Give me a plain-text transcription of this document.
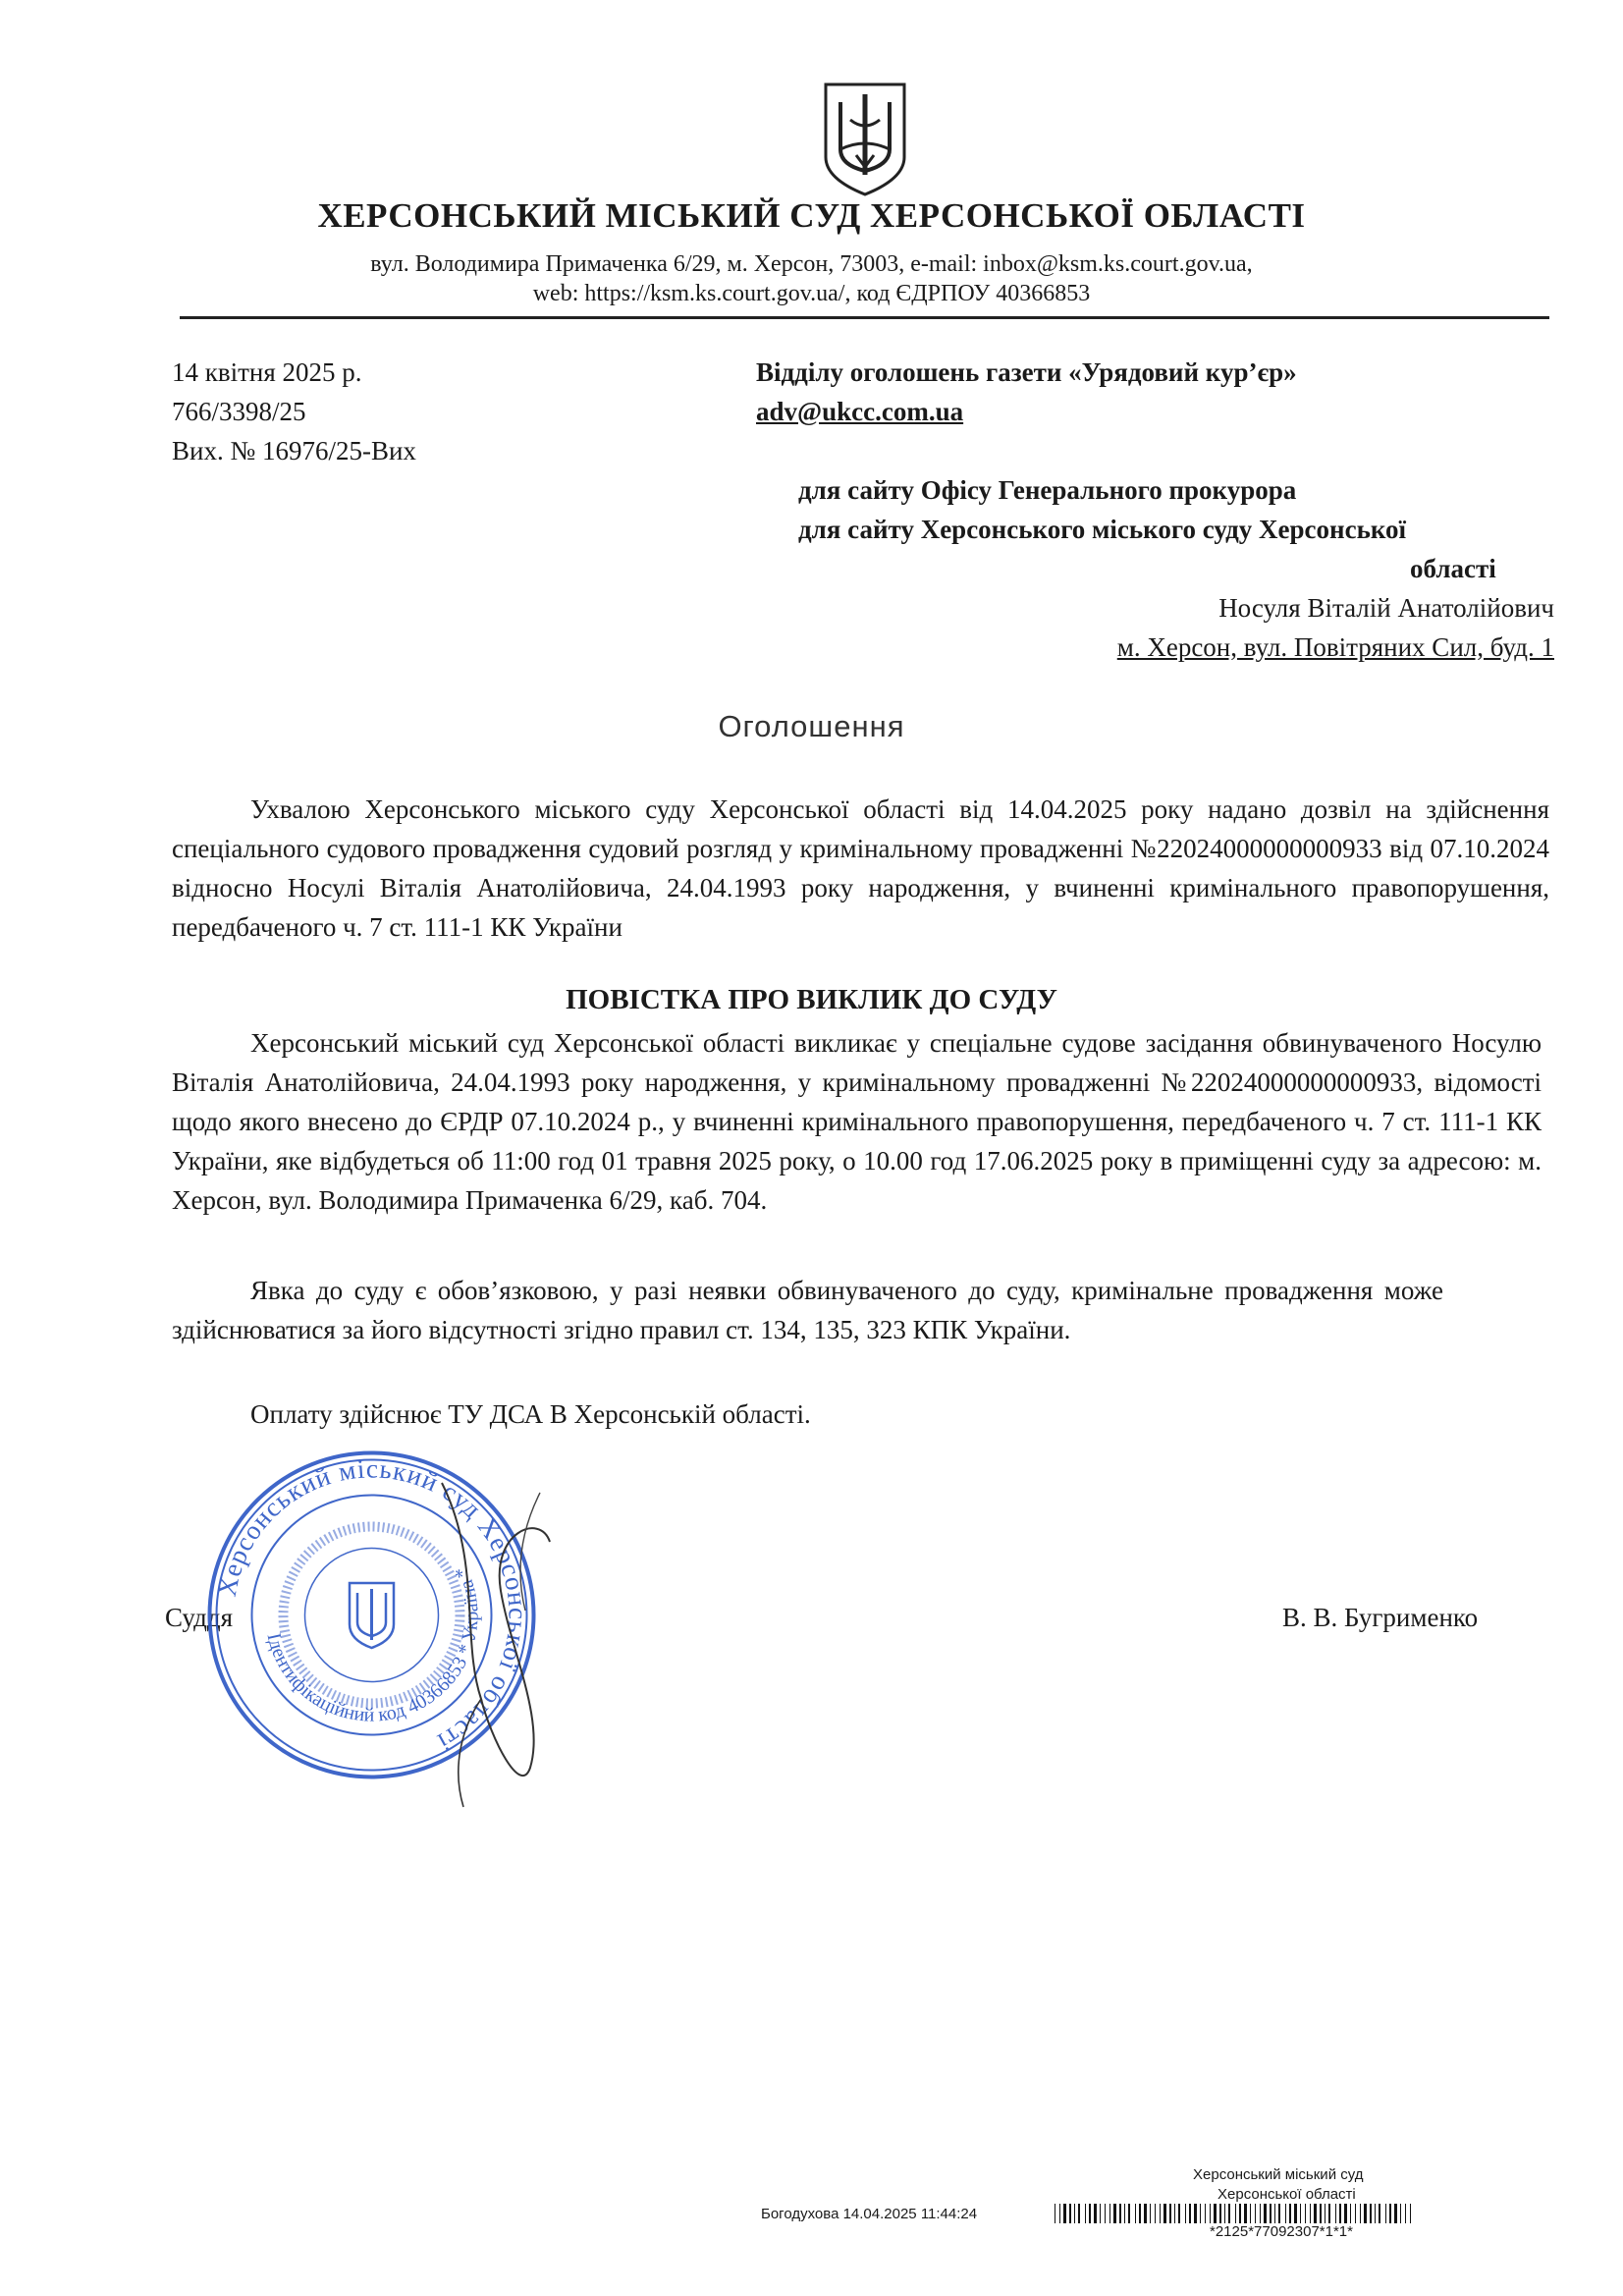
ХЕРСОНСЬКИЙ МІСЬКИЙ СУД ХЕРСОНСЬКОЇ ОБЛАСТІ
вул. Володимира Примаченка 6/29, м. Херсон, 73003, e-mail: inbox@ksm.ks.court.gov.ua,
web: https://ksm.ks.court.gov.ua/, код ЄДРПОУ 40366853
14 квітня 2025 р.
766/3398/25
Вих. № 16976/25-Вих
Відділу оголошень газети «Урядовий кур’єр»
adv@ukcc.com.ua
для сайту Офісу Генерального прокурора
для сайту Херсонського міського суду Херсонської
області
Носуля Віталій Анатолійович
м. Херсон, вул. Повітряних Сил, буд. 1
Оголошення
Ухвалою Херсонського міського суду Херсонської області від 14.04.2025 року надано дозвіл на здійснення спеціального судового провадження судовий розгляд у кримінальному провадженні №22024000000000933 від 07.10.2024 відносно Носулі Віталія Анатолійовича, 24.04.1993 року народження, у вчиненні кримінального правопорушення, передбаченого ч. 7 ст. 111-1 КК України
ПОВІСТКА ПРО ВИКЛИК ДО СУДУ
Херсонський міський суд Херсонської області викликає у спеціальне судове засідання обвинуваченого Носулю Віталія Анатолійовича, 24.04.1993 року народження, у кримінальному провадженні №22024000000000933, відомості щодо якого внесено до ЄРДР 07.10.2024 р., у вчиненні кримінального правопорушення, передбаченого ч. 7 ст. 111-1 КК України, яке відбудеться об 11:00 год 01 травня 2025 року, о 10.00 год 17.06.2025 року в приміщенні суду за адресою: м. Херсон, вул. Володимира Примаченка 6/29, каб. 704.
Явка до суду є обов’язковою, у разі неявки обвинуваченого до суду, кримінальне провадження може здійснюватися за його відсутності згідно правил ст. 134, 135, 323 КПК України.
Оплату здійснює ТУ ДСА В Херсонській області.
Суддя	В. В. Бугрименко
Херсонський міський суд Херсонської області
Ідентифікаційний код 40366853 * Україна *
Херсонський міський суд
Херсонської області
Богодухова 14.04.2025 11:44:24
*2125*77092307*1*1*
